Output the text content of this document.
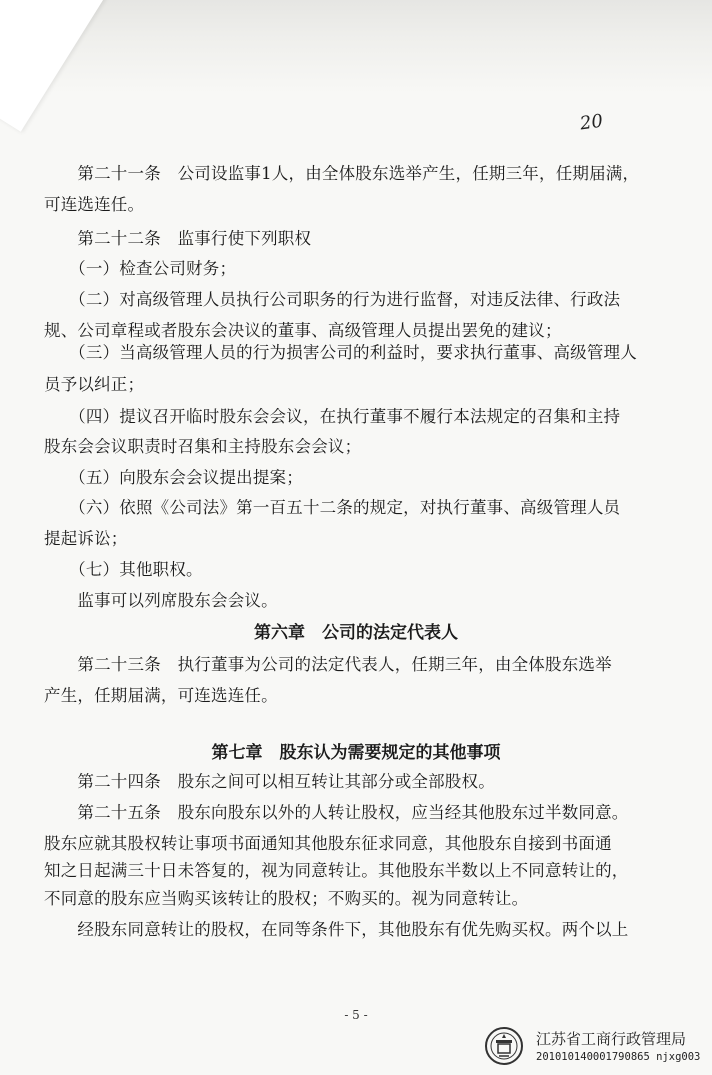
20
　　第二十一条　公司设监事1人，由全体股东选举产生，任期三年，任期届满，
可连选连任。
　　第二十二条　监事行使下列职权
　　（一）检查公司财务；
　　（二）对高级管理人员执行公司职务的行为进行监督，对违反法律、行政法
规、公司章程或者股东会决议的董事、高级管理人员提出罢免的建议；
　　（三）当高级管理人员的行为损害公司的利益时，要求执行董事、高级管理人
员予以纠正；
　　（四）提议召开临时股东会会议，在执行董事不履行本法规定的召集和主持
股东会会议职责时召集和主持股东会会议；
　　（五）向股东会会议提出提案；
　　（六）依照《公司法》第一百五十二条的规定，对执行董事、高级管理人员
提起诉讼；
　　（七）其他职权。
　　监事可以列席股东会会议。
第六章　公司的法定代表人
　　第二十三条　执行董事为公司的法定代表人，任期三年，由全体股东选举
产生，任期届满，可连选连任。
第七章　股东认为需要规定的其他事项
　　第二十四条　股东之间可以相互转让其部分或全部股权。
　　第二十五条　股东向股东以外的人转让股权，应当经其他股东过半数同意。
股东应就其股权转让事项书面通知其他股东征求同意，其他股东自接到书面通
知之日起满三十日未答复的，视为同意转让。其他股东半数以上不同意转让的，
不同意的股东应当购买该转让的股权；不购买的。视为同意转让。
　　经股东同意转让的股权，在同等条件下，其他股东有优先购买权。两个以上
- 5 -
江苏省工商行政管理局
201010140001790865 njxg003
